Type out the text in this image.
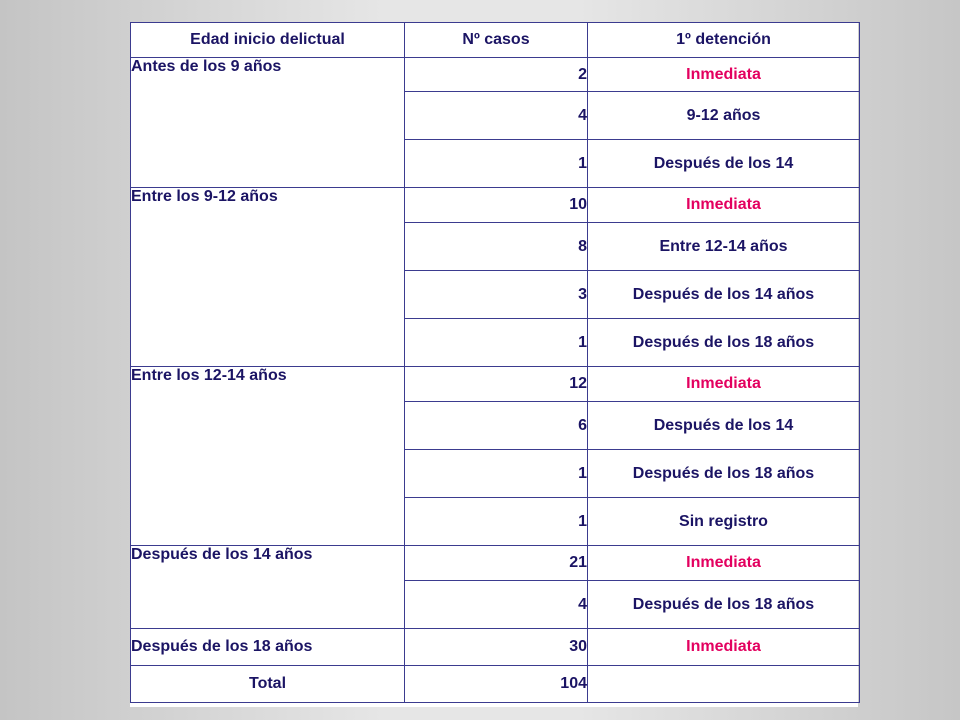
Edad inicio delictual	Nº casos	1º detención
Antes de los 9 años	2	Inmediata
	4	9-12 años
	1	Después de los 14
Entre los 9-12 años	10	Inmediata
	8	Entre 12-14 años
	3	Después de los 14 años
	1	Después de los 18 años
Entre los 12-14 años	12	Inmediata
	6	Después de los 14
	1	Después de los 18 años
	1	Sin registro
Después de los 14 años	21	Inmediata
	4	Después de los 18 años
Después de los 18 años	30	Inmediata
Total	104	
